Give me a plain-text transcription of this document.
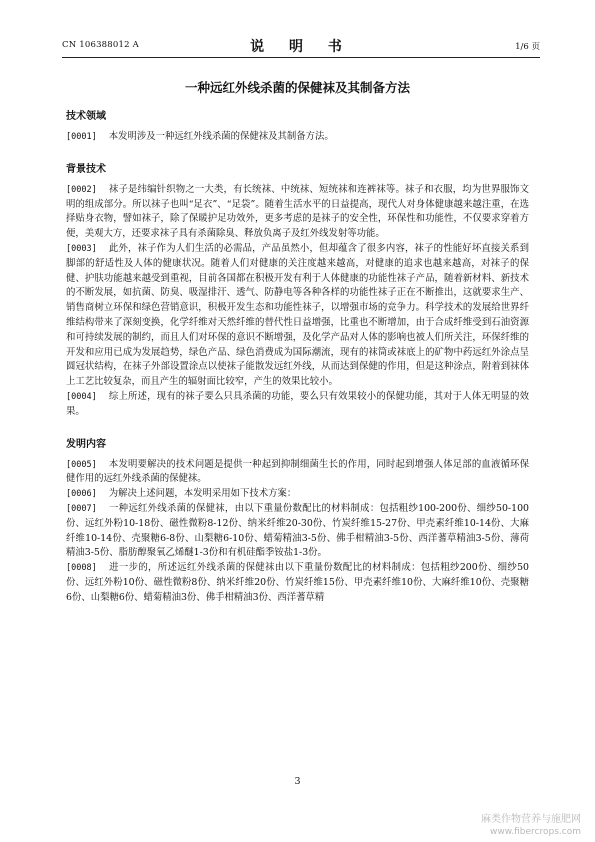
CN 106388012 A	说 明 书	1/6 页
一种远红外线杀菌的保健袜及其制备方法

技术领域

[0001] 本发明涉及一种远红外线杀菌的保健袜及其制备方法。

背景技术

[0002] 袜子是纬编针织物之一大类，有长统袜、中统袜、短统袜和连裤袜等。袜子和衣服，均为世界服饰文明的组成部分。所以袜子也叫“足衣”、“足袋”。随着生活水平的日益提高，现代人对身体健康越来越注重，在选择贴身衣物，譬如袜子，除了保暖护足功效外，更多考虑的是袜子的安全性，环保性和功能性，不仅要求穿着方便，美观大方，还要求袜子具有杀菌除臭、释放负离子及红外线发射等功能。

[0003] 此外，袜子作为人们生活的必需品，产品虽然小，但却蕴含了很多内容，袜子的性能好坏直接关系到脚部的舒适性及人体的健康状况。随着人们对健康的关注度越来越高，对健康的追求也越来越高，对袜子的保健、护肤功能越来越受到重视，目前各国都在积极开发有利于人体健康的功能性袜子产品，随着新材料、新技术的不断发展，如抗菌、防臭、吸湿排汗、透气、防静电等各种各样的功能性袜子正在不断推出，这就要求生产、销售商树立环保和绿色营销意识，积极开发生态和功能性袜子，以增强市场的竞争力。科学技术的发展给世界纤维结构带来了深刻变换，化学纤维对天然纤维的替代性日益增强，比重也不断增加，由于合成纤维受到石油资源和可持续发展的制约，而且人们对环保的意识不断增强，及化学产品对人体的影响也被人们所关注，环保纤维的开发和应用已成为发展趋势，绿色产品、绿色消费成为国际潮流，现有的袜筒或袜底上的矿物中药远红外涂点呈圆冠状结构，在袜子外部设置涂点以使袜子能散发远红外线，从而达到保健的作用，但是这种涂点，附着到袜体上工艺比较复杂，而且产生的辐射面比较窄，产生的效果比较小。

[0004] 综上所述，现有的袜子要么只具杀菌的功能，要么只有效果较小的保健功能，其对于人体无明显的效果。

发明内容

[0005] 本发明要解决的技术问题是提供一种起到抑制细菌生长的作用，同时起到增强人体足部的血液循环保健作用的远红外线杀菌的保健袜。

[0006] 为解决上述问题，本发明采用如下技术方案：

[0007] 一种远红外线杀菌的保健袜，由以下重量份数配比的材料制成：包括粗纱100-200份、细纱50-100份、远红外粉10-18份、磁性微粉8-12份、纳米纤维20-30份、竹炭纤维15-27份、甲壳素纤维10-14份、大麻纤维10-14份、壳聚糖6-8份、山梨糖6-10份、蜡菊精油3-5份、佛手柑精油3-5份、西洋蓍草精油3-5份、薄荷精油3-5份、脂肪醇聚氧乙烯醚1-3份和有机硅酯季铵盐1-3份。

[0008] 进一步的，所述远红外线杀菌的保健袜由以下重量份数配比的材料制成：包括粗纱200份、细纱50份、远红外粉10份、磁性微粉8份、纳米纤维20份、竹炭纤维15份、甲壳素纤维10份、大麻纤维10份、壳聚糖6份、山梨糖6份、蜡菊精油3份、佛手柑精油3份、西洋蓍草精

3
麻类作物营养与施肥网
www.fibercrops.com
